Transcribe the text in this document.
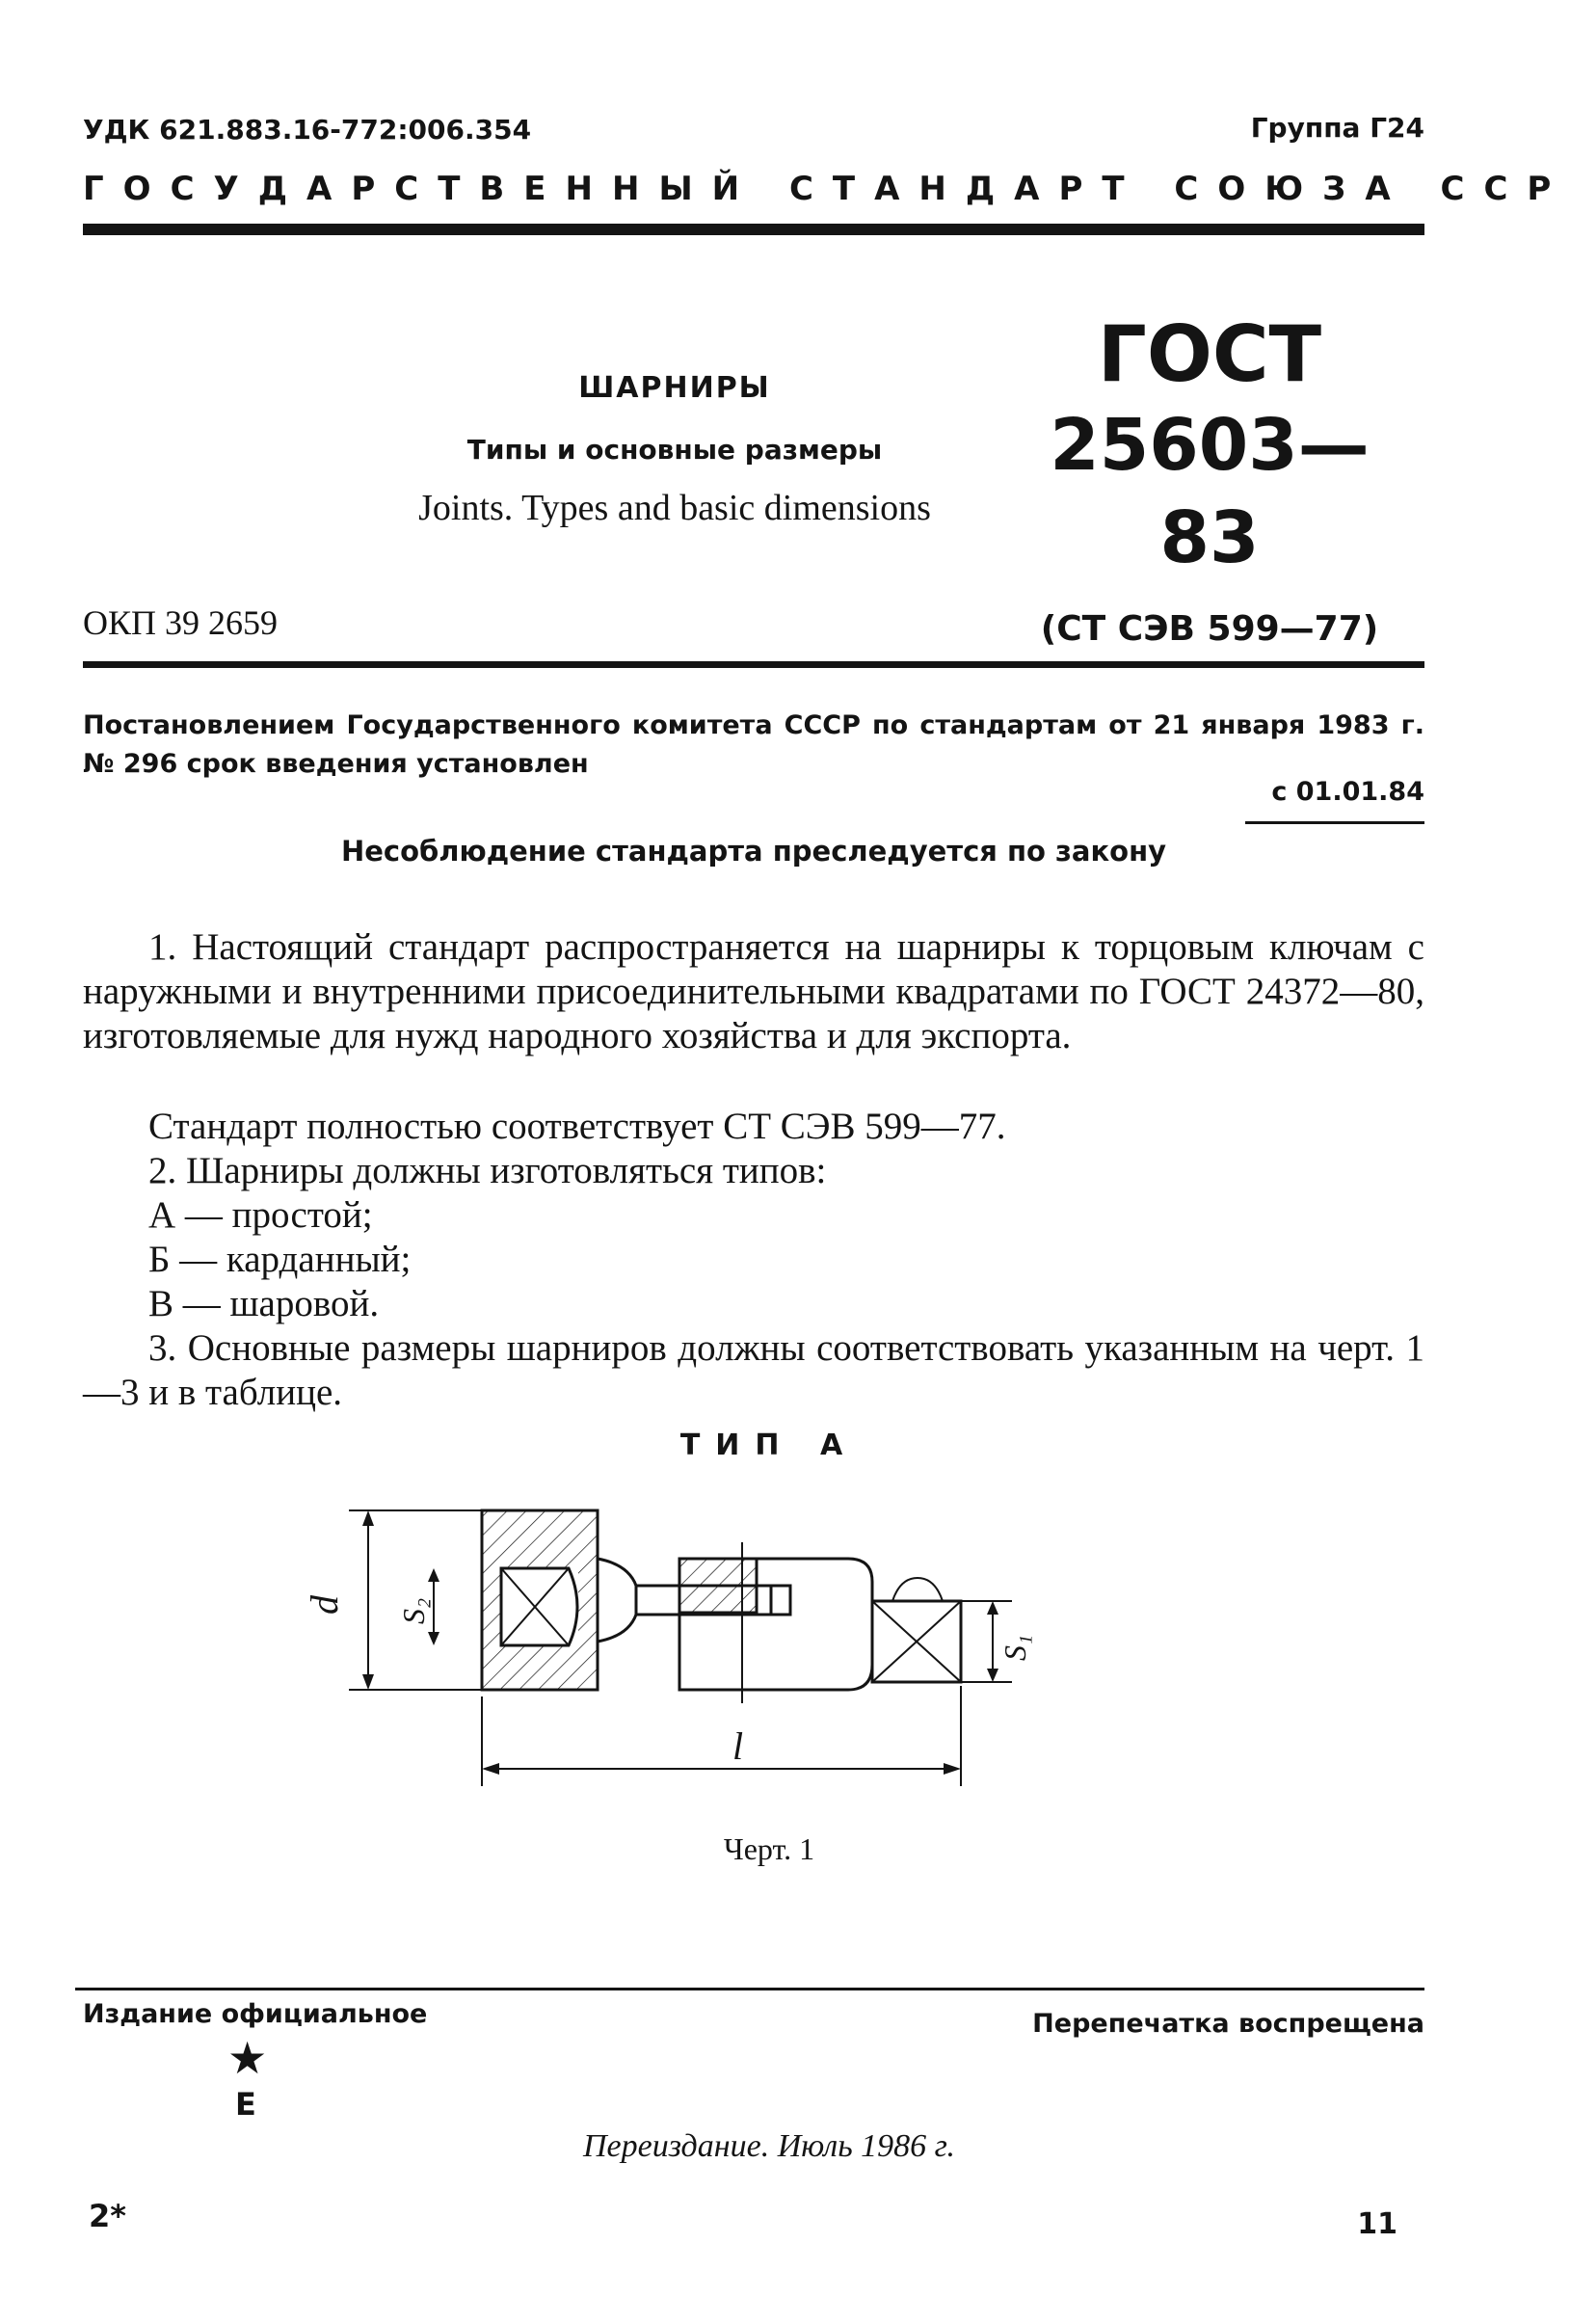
УДК 621.883.16-772:006.354	Группа Г24
ГОСУДАРСТВЕННЫЙ СТАНДАРТ СОЮЗА ССР
ШАРНИРЫ
Типы и основные размеры
Joints. Types and basic dimensions
ГОСТ
25603—83
(СТ СЭВ 599—77)
ОКП 39 2659
Постановлением Государственного комитета СССР по стандартам от 21 января 1983 г. № 296 срок введения установлен
с 01.01.84
Несоблюдение стандарта преследуется по закону
1. Настоящий стандарт распространяется на шарниры к торцовым ключам с наружными и внутренними присоединительными квадратами по ГОСТ 24372—80, изготовляемые для нужд народного хозяйства и для экспорта.
Стандарт полностью соответствует СТ СЭВ 599—77.
2. Шарниры должны изготовляться типов:
А — простой;
Б — карданный;
В — шаровой.
3. Основные размеры шарниров должны соответствовать указанным на черт. 1—3 и в таблице.
ТИП А
d S₂
S₁
l
Черт. 1
Издание официальное	Перепечатка воспрещена
★
Е
Переиздание. Июль 1986 г.
2*	11
